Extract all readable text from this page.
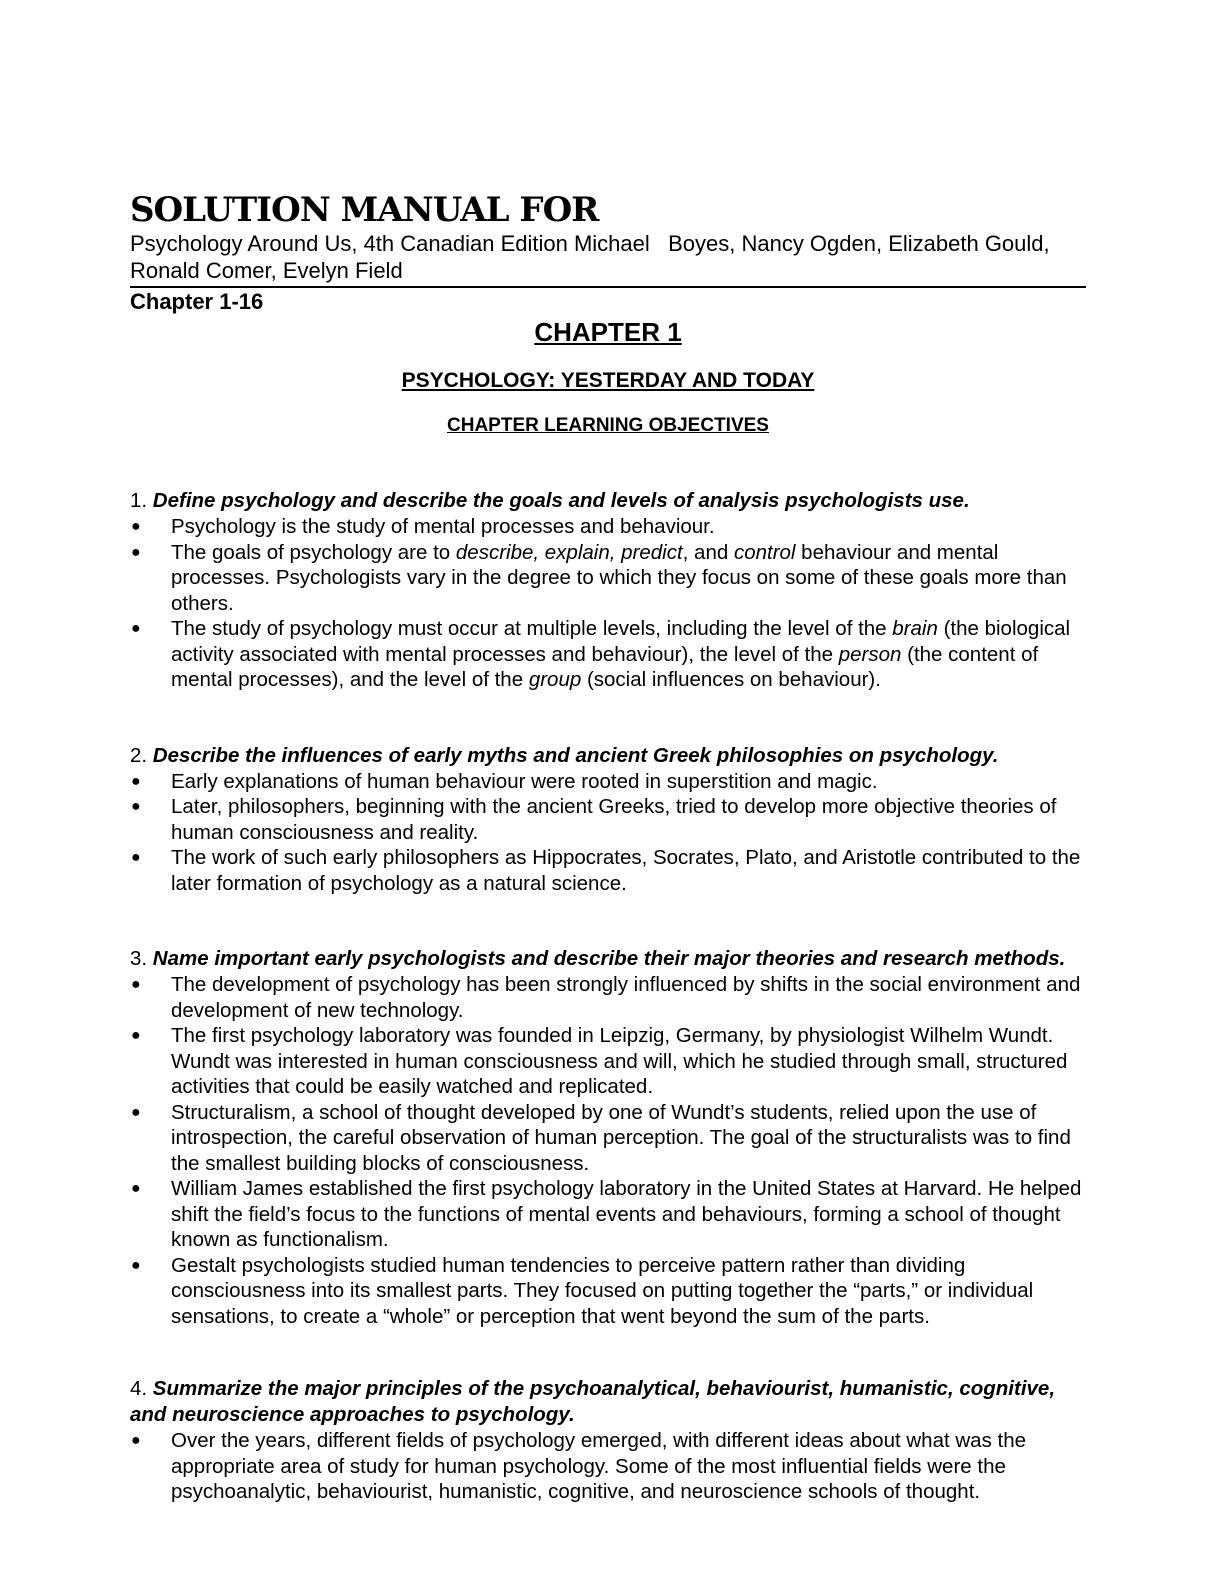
SOLUTION MANUAL FOR

Psychology Around Us, 4th Canadian Edition Michael   Boyes, Nancy Ogden, Elizabeth Gould, Ronald Comer, Evelyn Field

Chapter 1-16

CHAPTER 1
PSYCHOLOGY: YESTERDAY AND TODAY
CHAPTER LEARNING OBJECTIVES

1. Define psychology and describe the goals and levels of analysis psychologists use.

● Psychology is the study of mental processes and behaviour.
● The goals of psychology are to describe, explain, predict, and control behaviour and mental processes. Psychologists vary in the degree to which they focus on some of these goals more than others.
● The study of psychology must occur at multiple levels, including the level of the brain (the biological activity associated with mental processes and behaviour), the level of the person (the content of mental processes), and the level of the group (social influences on behaviour).

2. Describe the influences of early myths and ancient Greek philosophies on psychology.

● Early explanations of human behaviour were rooted in superstition and magic.
● Later, philosophers, beginning with the ancient Greeks, tried to develop more objective theories of human consciousness and reality.
● The work of such early philosophers as Hippocrates, Socrates, Plato, and Aristotle contributed to the later formation of psychology as a natural science.

3. Name important early psychologists and describe their major theories and research methods.

● The development of psychology has been strongly influenced by shifts in the social environment and development of new technology.
● The first psychology laboratory was founded in Leipzig, Germany, by physiologist Wilhelm Wundt. Wundt was interested in human consciousness and will, which he studied through small, structured activities that could be easily watched and replicated.
● Structuralism, a school of thought developed by one of Wundt’s students, relied upon the use of introspection, the careful observation of human perception. The goal of the structuralists was to find the smallest building blocks of consciousness.
● William James established the first psychology laboratory in the United States at Harvard. He helped shift the field’s focus to the functions of mental events and behaviours, forming a school of thought known as functionalism.
● Gestalt psychologists studied human tendencies to perceive pattern rather than dividing consciousness into its smallest parts. They focused on putting together the “parts,” or individual sensations, to create a “whole” or perception that went beyond the sum of the parts.

4. Summarize the major principles of the psychoanalytical, behaviourist, humanistic, cognitive, and neuroscience approaches to psychology.

● Over the years, different fields of psychology emerged, with different ideas about what was the appropriate area of study for human psychology. Some of the most influential fields were the psychoanalytic, behaviourist, humanistic, cognitive, and neuroscience schools of thought.
